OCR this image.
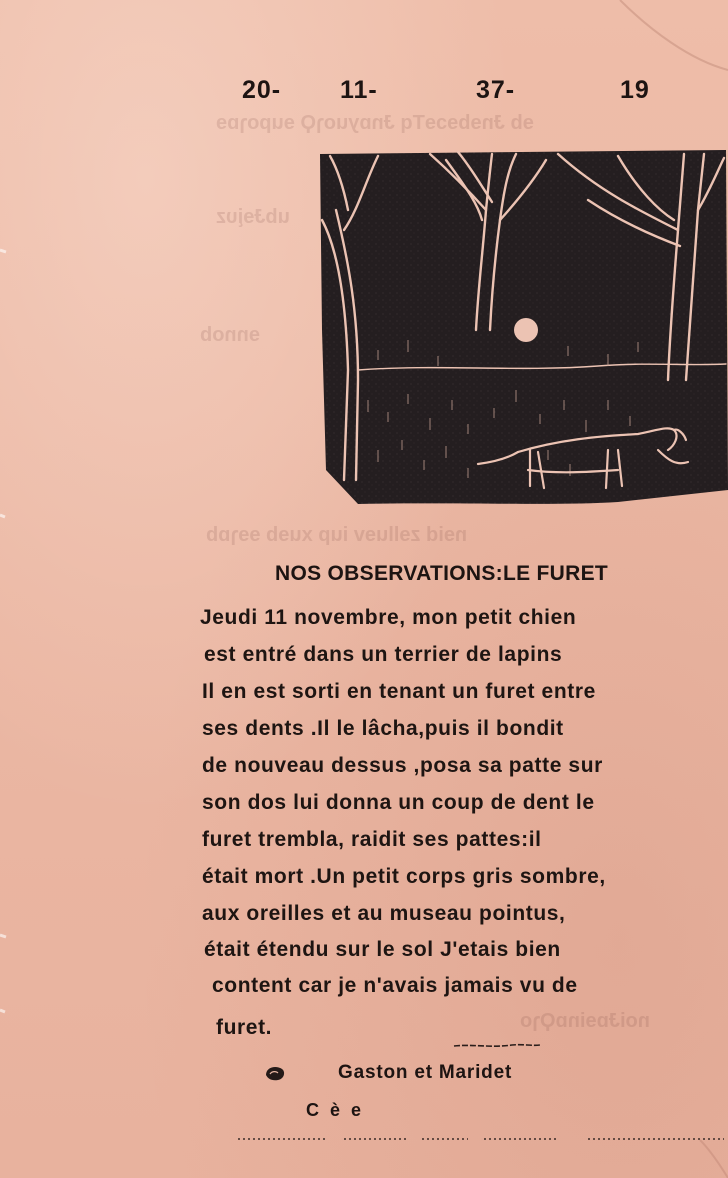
ɘb ɈnɘbɘɔɘTq ɈnɒyuoɿϘ ɘupoɿɒɘ
ubɈɘįυz
ɘnnob
nɘid zɘlluɘv iup xuɘb ɘɘɿɒb
noiɈɒɘinɒϘɿo
20- 11-	37-	19
NOS OBSERVATIONS:LE FURET
Jeudi 11 novembre, mon petit chien
est entré dans un terrier de lapins
Il en est sorti en tenant un furet entre
ses dents .Il le lâcha,puis il bondit
de nouveau dessus ,posa sa patte sur
son dos lui donna un coup de dent le
furet trembla, raidit ses pattes:il
était mort .Un petit corps gris sombre,
aux oreilles et au museau pointus,
était étendu sur le sol J'etais bien
content car je n'avais jamais vu de
furet.
Gaston et Maridet
C è e
